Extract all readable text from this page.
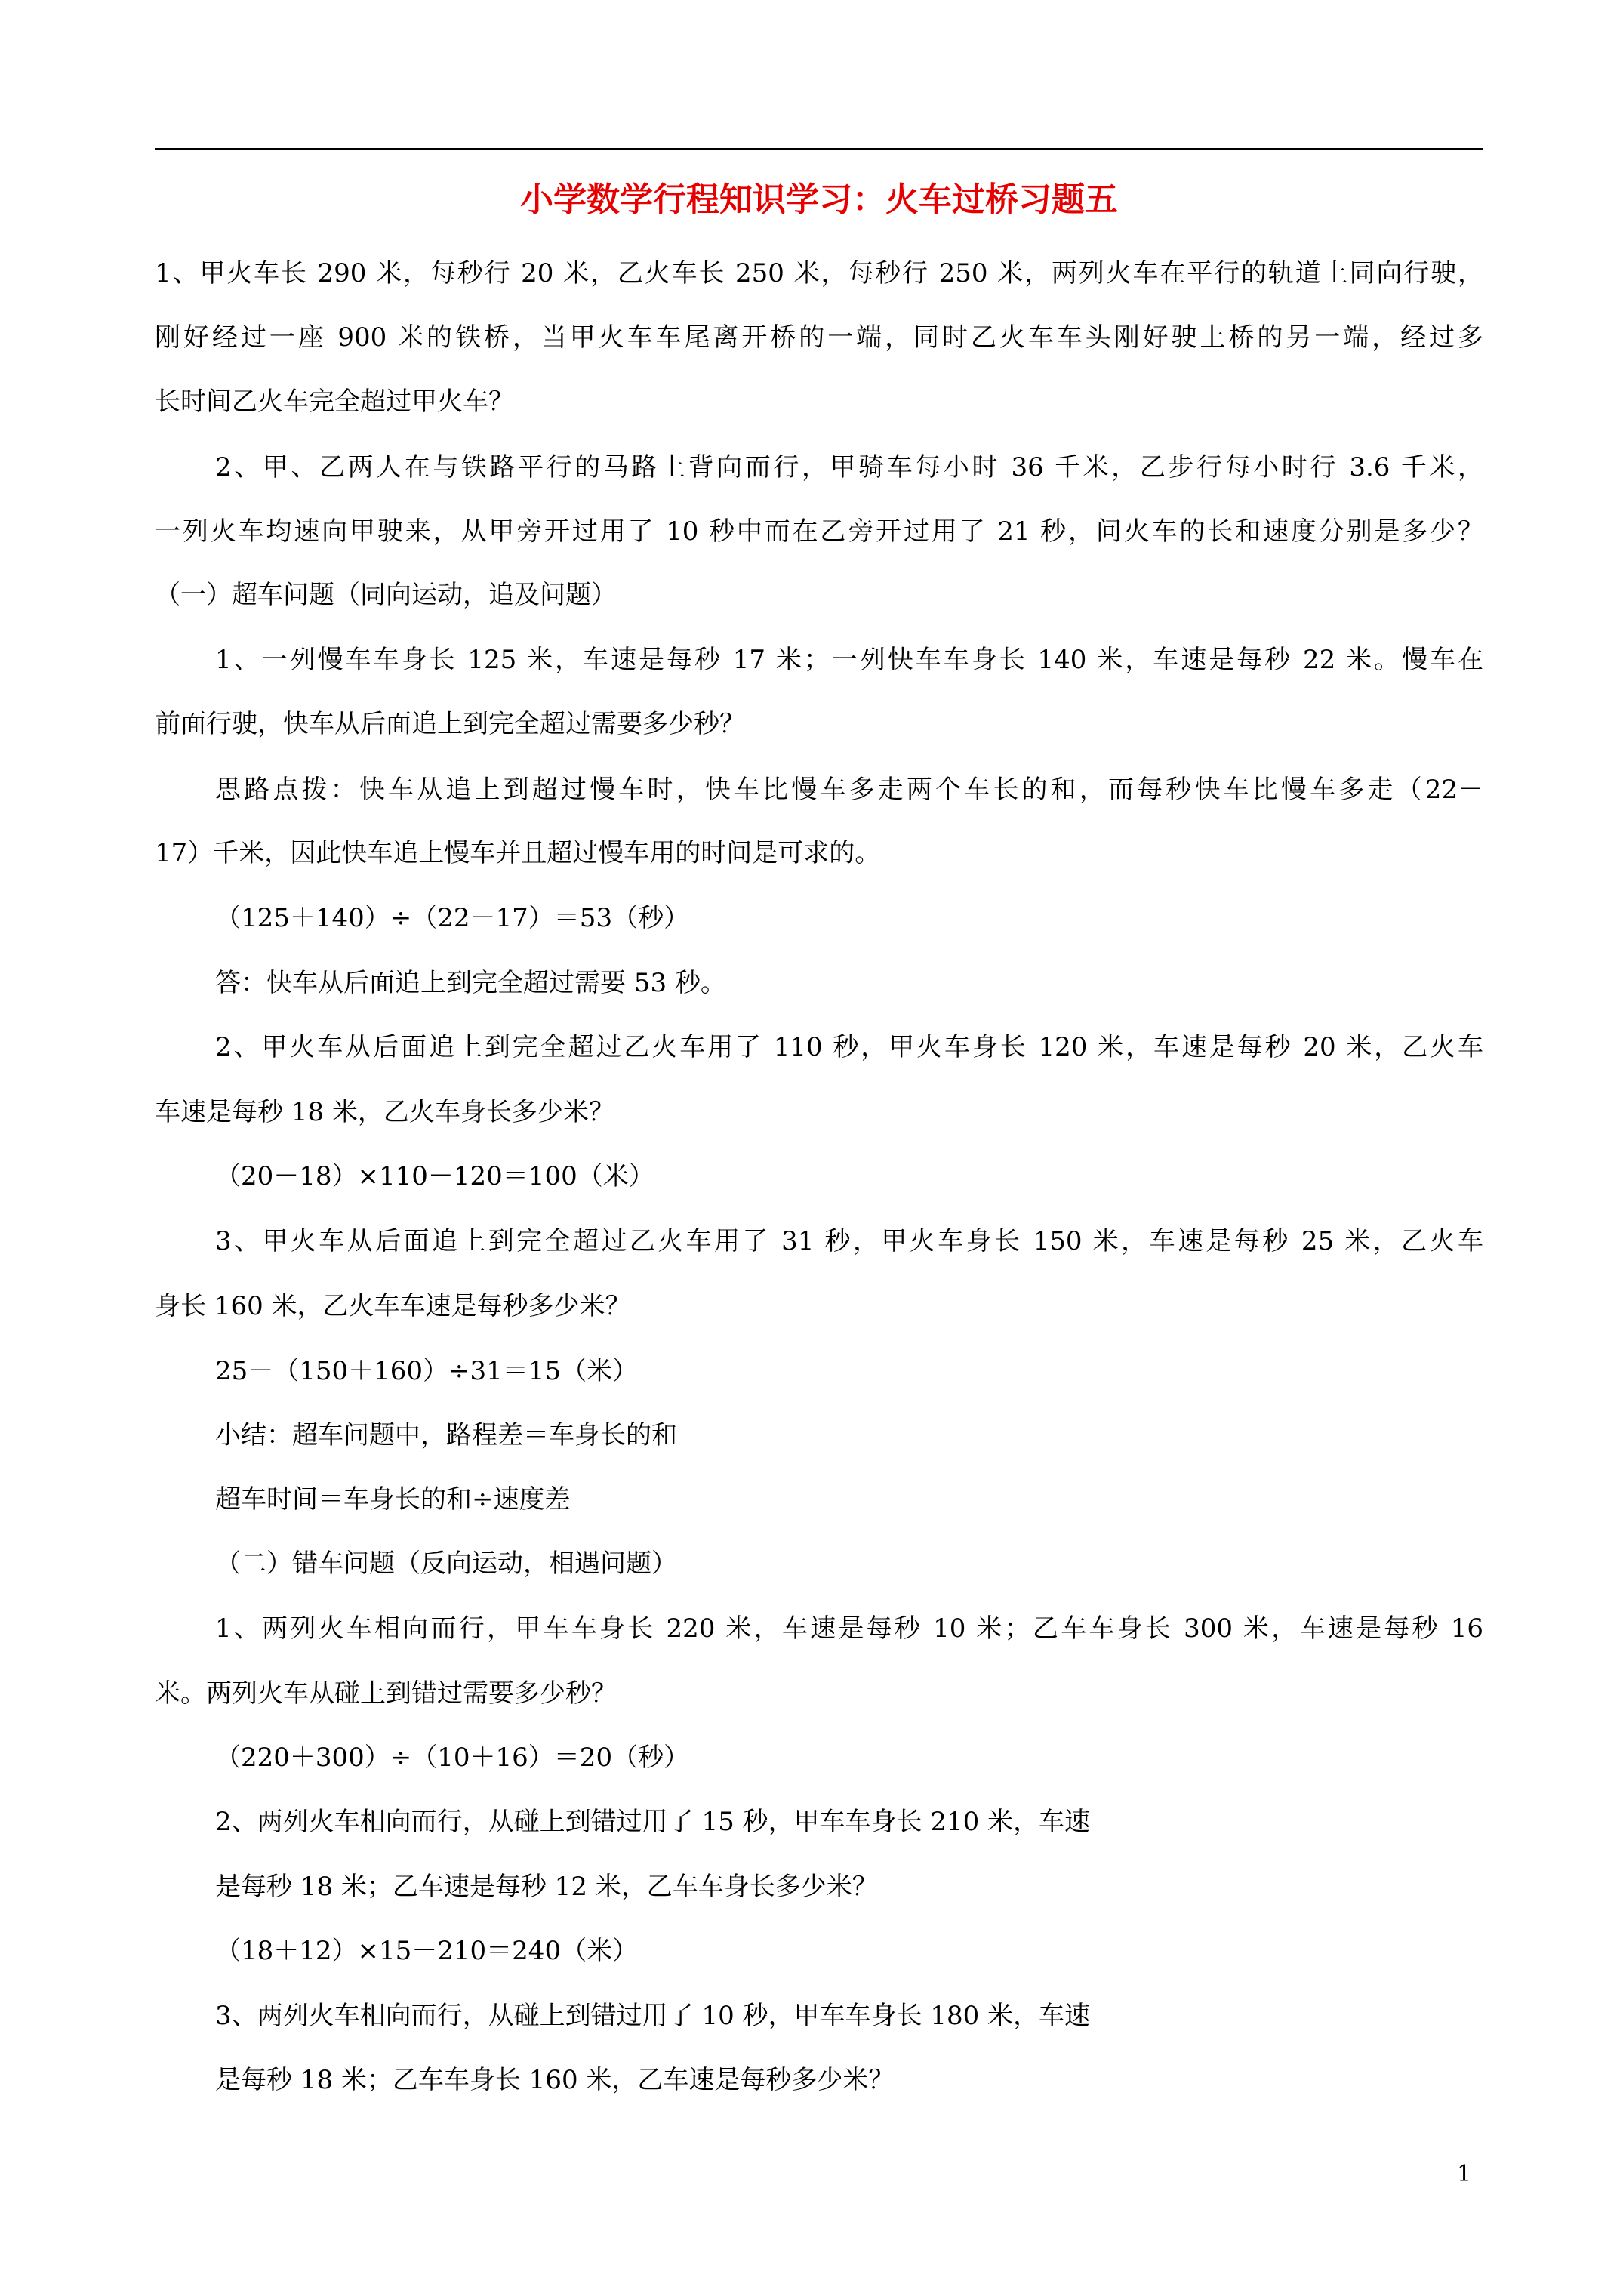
小学数学行程知识学习：火车过桥习题五
1、甲火车长 290 米，每秒行 20 米，乙火车长 250 米，每秒行 250 米，两列火车在平行的轨道上同向行驶，
刚好经过一座 900 米的铁桥，当甲火车车尾离开桥的一端，同时乙火车车头刚好驶上桥的另一端，经过多
长时间乙火车完全超过甲火车？
2、甲、乙两人在与铁路平行的马路上背向而行，甲骑车每小时 36 千米，乙步行每小时行 3.6 千米，
一列火车均速向甲驶来，从甲旁开过用了 10 秒中而在乙旁开过用了 21 秒，问火车的长和速度分别是多少？
（一）超车问题（同向运动，追及问题）
1、一列慢车车身长 125 米，车速是每秒 17 米；一列快车车身长 140 米，车速是每秒 22 米。慢车在
前面行驶，快车从后面追上到完全超过需要多少秒？
思路点拨：快车从追上到超过慢车时，快车比慢车多走两个车长的和，而每秒快车比慢车多走（22－
17）千米，因此快车追上慢车并且超过慢车用的时间是可求的。
（125＋140）÷（22－17）＝53（秒）
答：快车从后面追上到完全超过需要 53 秒。
2、甲火车从后面追上到完全超过乙火车用了 110 秒，甲火车身长 120 米，车速是每秒 20 米，乙火车
车速是每秒 18 米，乙火车身长多少米？
（20－18）×110－120＝100（米）
3、甲火车从后面追上到完全超过乙火车用了 31 秒，甲火车身长 150 米，车速是每秒 25 米，乙火车
身长 160 米，乙火车车速是每秒多少米？
25－（150＋160）÷31＝15（米）
小结：超车问题中，路程差＝车身长的和
超车时间＝车身长的和÷速度差
（二）错车问题（反向运动，相遇问题）
1、两列火车相向而行，甲车车身长 220 米，车速是每秒 10 米；乙车车身长 300 米，车速是每秒 16
米。两列火车从碰上到错过需要多少秒？
（220＋300）÷（10＋16）＝20（秒）
2、两列火车相向而行，从碰上到错过用了 15 秒，甲车车身长 210 米，车速
是每秒 18 米；乙车速是每秒 12 米，乙车车身长多少米？
（18＋12）×15－210＝240（米）
3、两列火车相向而行，从碰上到错过用了 10 秒，甲车车身长 180 米，车速
是每秒 18 米；乙车车身长 160 米，乙车速是每秒多少米？
1
